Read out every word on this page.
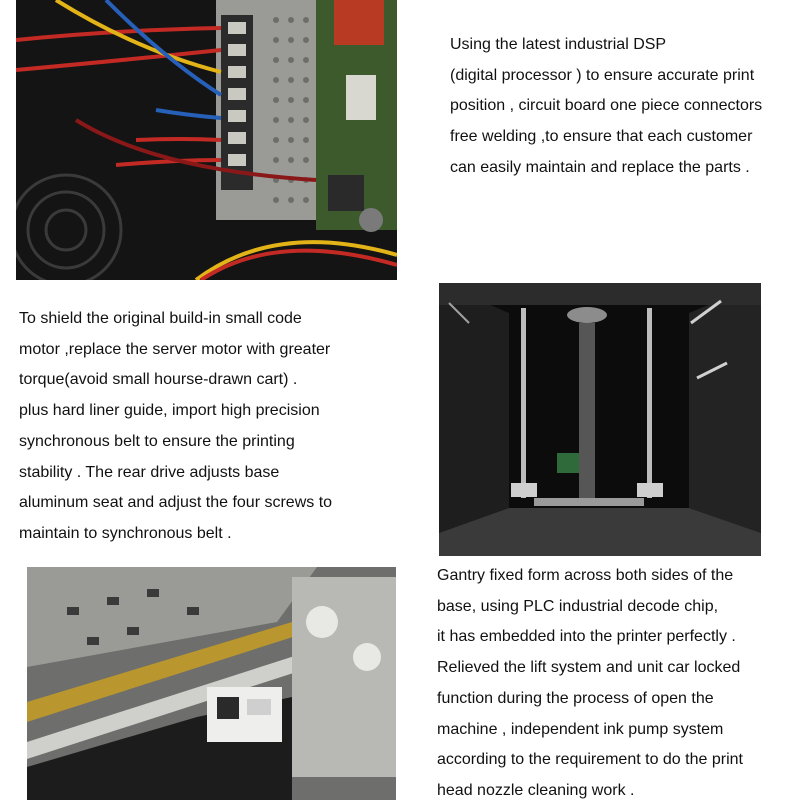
Using the latest industrial DSP
(digital processor ) to ensure accurate print
position , circuit board one piece connectors
free welding ,to ensure that each customer
can easily maintain and replace the parts .
To shield the original build-in small code
motor ,replace the server motor with greater
torque(avoid small hourse-drawn cart) .
plus hard liner guide, import high precision
synchronous belt to ensure the printing
stability . The rear drive adjusts base
aluminum seat and adjust the four screws to
maintain to synchronous belt .
Gantry fixed form across both sides of the
base, using PLC industrial decode chip,
it has embedded into the printer perfectly .
Relieved the lift system and unit car locked
function during the process of open the
machine , independent ink pump system
according to the requirement to do the print
head nozzle cleaning work .
